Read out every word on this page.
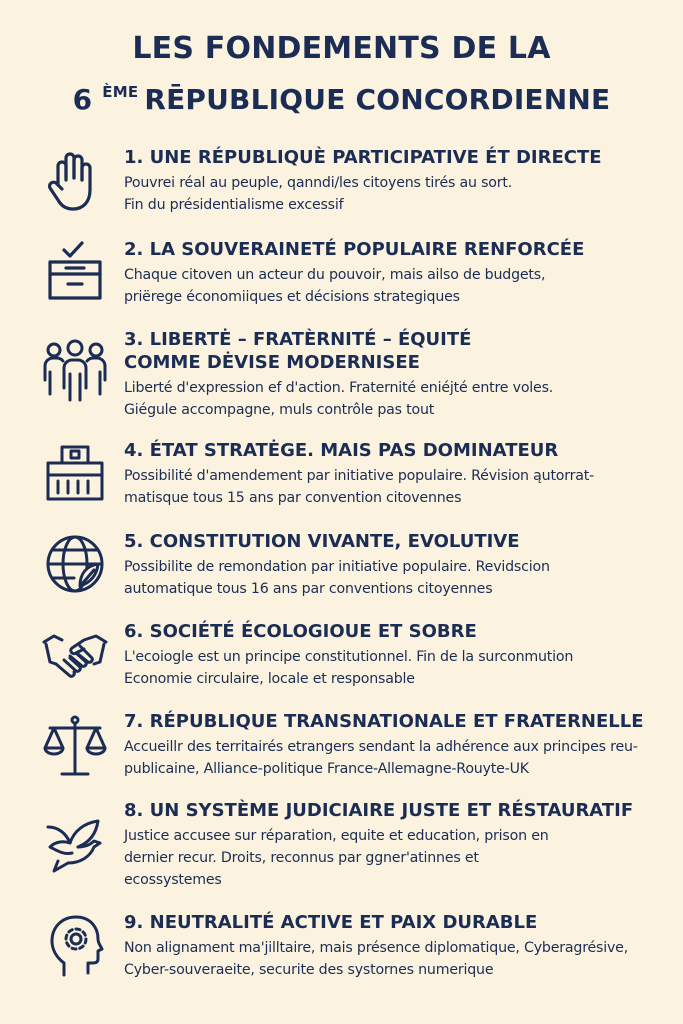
LES FONDEMENTS DE LA
6 $^{ÈME}$ RĒPUBLIQUE CONCORDIENNE
1. UNE RÉPUBLIQUÈ PARTICIPATIVE ÉT DIRECTE
Pouvrei réal au peuple, qanndi/les citoyens tirés au sort.
Fin du présidentialisme excessif
2. LA SOUVERAINETÉ POPULAIRE RENFORCÉE
Chaque citoven un acteur du pouvoir, mais ailso de budgets,
priërege économiiques et décisions strategiques
3. LIBERTĖ – FRATÈRNITÉ – ÉQUITÉ
COMME DĖVISE MODERNISEE
Liberté d'expression ef d'action. Fraternité eniéjté entre voles.
Giégule accompagne, muls contrôle pas tout
4. ÉTAT STRATĖGE. MAIS PAS DOMINATEUR
Possibilité d'amendement par initiative populaire. Révision ąutorrat-
matisque tous 15 ans par convention citovennes
5. CONSTITUTION VIVANTE, EVOLUTIVE
Possibilite de remondation par initiative populaire. Revidscion
automatique tous 16 ans par conventions citoyennes
6. SOCIÉTÉ ÉCOLOGIOUE ET SOBRE
L'ecoiogle est un principe constitutionnel. Fin de la surconmution
Economie circulaire, locale et responsable
7. RÉPUBLIQUE TRANSNATIONALE ET FRATERNELLE
Accueillr des territairés etrangers sendant la adhérence aux principes reu-
publicaine, Alliance-politique France-Allemagne-Rouyte-UK
8. UN SYSTÈME JUDICIAIRE JUSTE ET RÉSTAURATIF
Justice accusee sur réparation, equite et education, prison en
dernier recur. Droits, reconnus par ggner'atinnes et
ecossystemes
9. NEUTRALITÉ ACTIVE ET PAIX DURABLE
Non alignament ma'jilltaire, mais présence diplomatique, Cyberagrésive,
Cyber-souveraeite, securite des systornes numerique
